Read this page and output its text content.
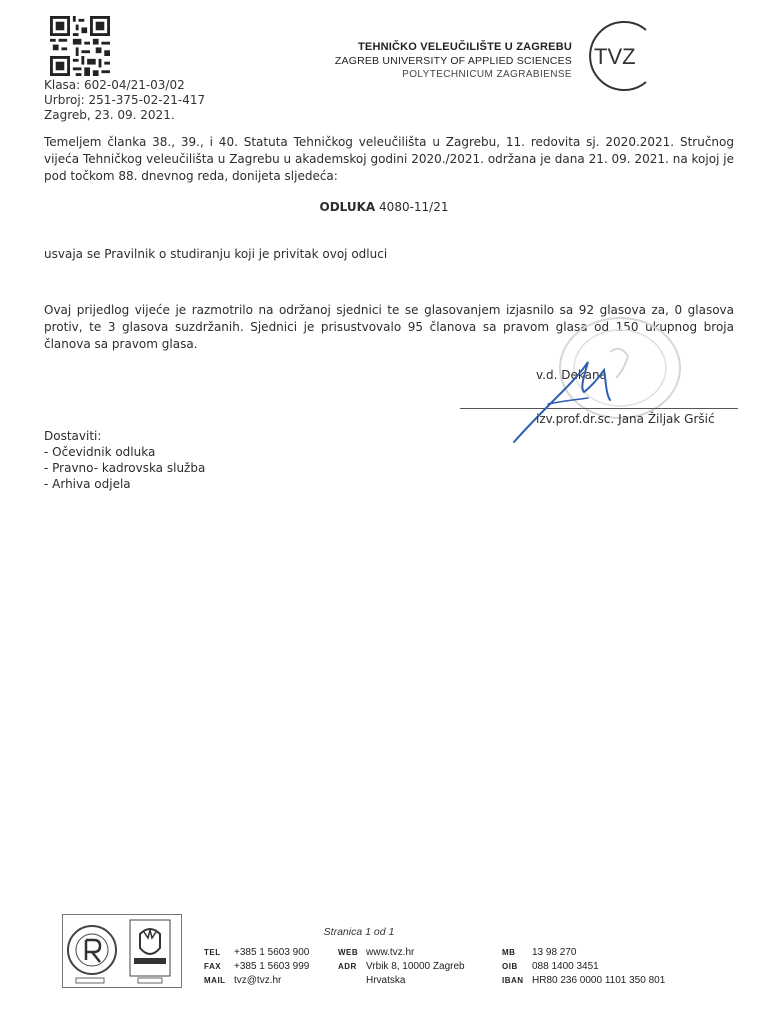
TEHNIČKO VELEUČILIŠTE U ZAGREBU
ZAGREB UNIVERSITY OF APPLIED SCIENCES
POLYTECHNICUM ZAGRABIENSE
TVZ
Klasa: 602-04/21-03/02
Urbroj: 251-375-02-21-417
Zagreb, 23. 09. 2021.
Temeljem članka 38., 39., i 40. Statuta Tehničkog veleučilišta u Zagrebu, 11. redovita sj. 2020.2021. Stručnog vijeća Tehničkog veleučilišta u Zagrebu u akademskoj godini 2020./2021. održana je dana 21. 09. 2021. na kojoj je pod točkom 88. dnevnog reda, donijeta sljedeća:
ODLUKA 4080-11/21
usvaja se Pravilnik o studiranju koji je privitak ovoj odluci
Ovaj prijedlog vijeće je razmotrilo na održanoj sjednici te se glasovanjem izjasnilo sa 92 glasova za, 0 glasova protiv, te 3 glasova suzdržanih. Sjednici je prisustvovalo 95 članova sa pravom glasa od 150 ukupnog broja članova sa pravom glasa.
v.d. Dekana
izv.prof.dr.sc. Jana Žiljak Gršić
Dostaviti:
- Očevidnik odluka
- Pravno- kadrovska služba
- Arhiva odjela
Stranica 1 od 1
TEL +385 1 5603 900
FAX +385 1 5603 999
MAIL tvz@tvz.hr
WEB www.tvz.hr
ADR Vrbik 8, 10000 Zagreb
Hrvatska
MB 13 98 270
OIB 088 1400 3451
IBAN HR80 236 0000 1101 350 801
